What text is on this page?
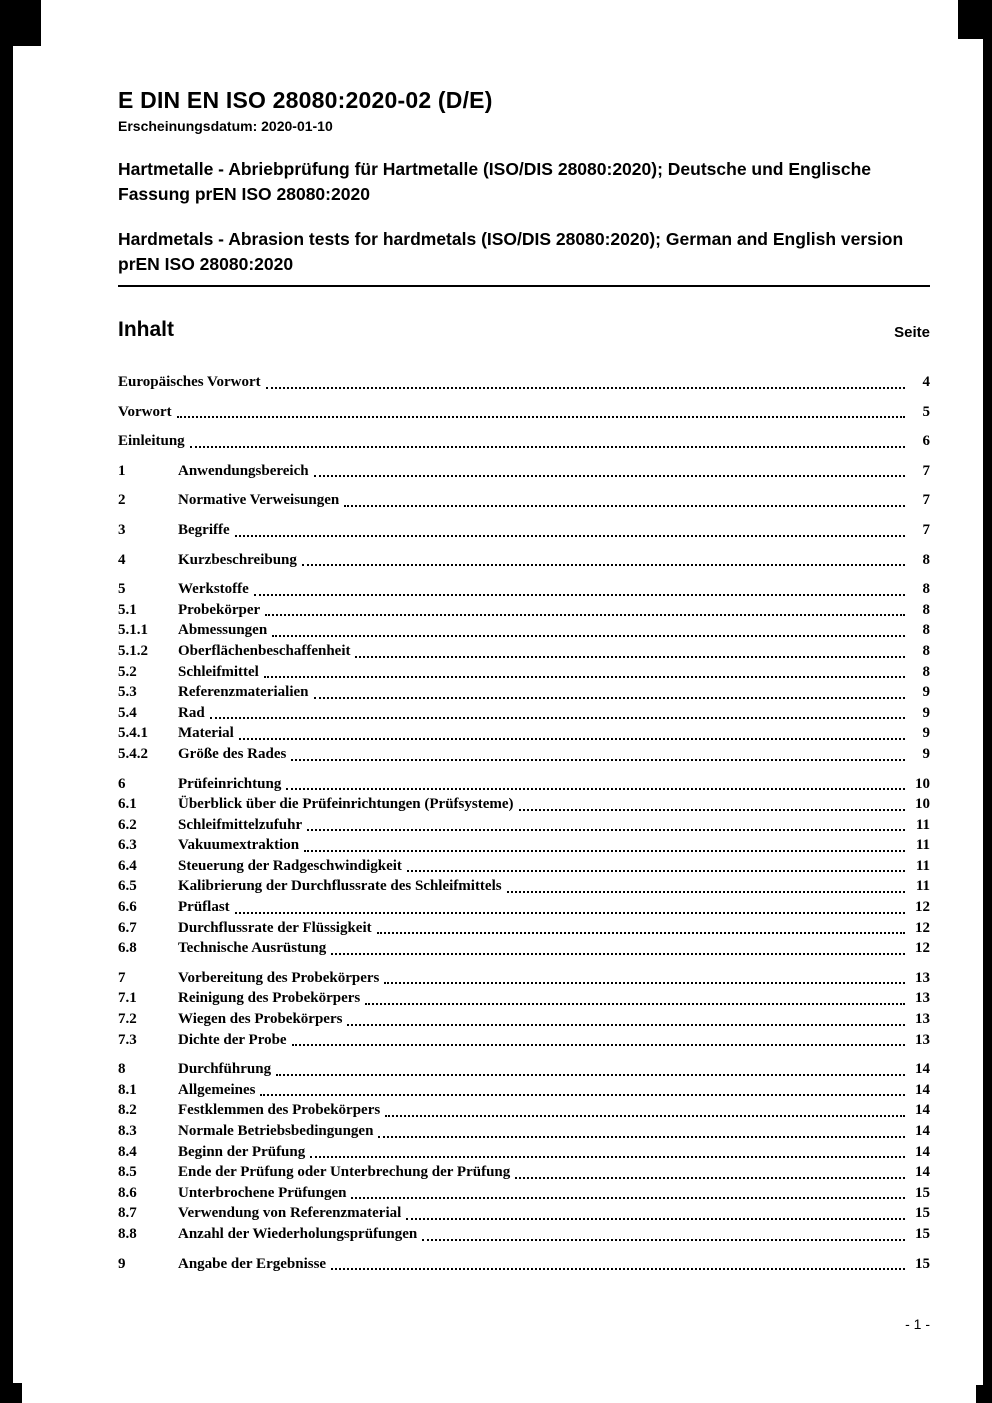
E DIN EN ISO 28080:2020-02 (D/E)
Erscheinungsdatum: 2020-01-10

Hartmetalle - Abriebprüfung für Hartmetalle (ISO/DIS 28080:2020); Deutsche und Englische Fassung prEN ISO 28080:2020

Hardmetals - Abrasion tests for hardmetals (ISO/DIS 28080:2020); German and English version prEN ISO 28080:2020

Inhalt	Seite
Europäisches Vorwort	4
Vorwort	5
Einleitung	6
1	Anwendungsbereich	7
2	Normative Verweisungen	7
3	Begriffe	7
4	Kurzbeschreibung	8
5	Werkstoffe	8
5.1	Probekörper	8
5.1.1	Abmessungen	8
5.1.2	Oberflächenbeschaffenheit	8
5.2	Schleifmittel	8
5.3	Referenzmaterialien	9
5.4	Rad	9
5.4.1	Material	9
5.4.2	Größe des Rades	9
6	Prüfeinrichtung	10
6.1	Überblick über die Prüfeinrichtungen (Prüfsysteme)	10
6.2	Schleifmittelzufuhr	11
6.3	Vakuumextraktion	11
6.4	Steuerung der Radgeschwindigkeit	11
6.5	Kalibrierung der Durchflussrate des Schleifmittels	11
6.6	Prüflast	12
6.7	Durchflussrate der Flüssigkeit	12
6.8	Technische Ausrüstung	12
7	Vorbereitung des Probekörpers	13
7.1	Reinigung des Probekörpers	13
7.2	Wiegen des Probekörpers	13
7.3	Dichte der Probe	13
8	Durchführung	14
8.1	Allgemeines	14
8.2	Festklemmen des Probekörpers	14
8.3	Normale Betriebsbedingungen	14
8.4	Beginn der Prüfung	14
8.5	Ende der Prüfung oder Unterbrechung der Prüfung	14
8.6	Unterbrochene Prüfungen	15
8.7	Verwendung von Referenzmaterial	15
8.8	Anzahl der Wiederholungsprüfungen	15
9	Angabe der Ergebnisse	15
- 1 -
